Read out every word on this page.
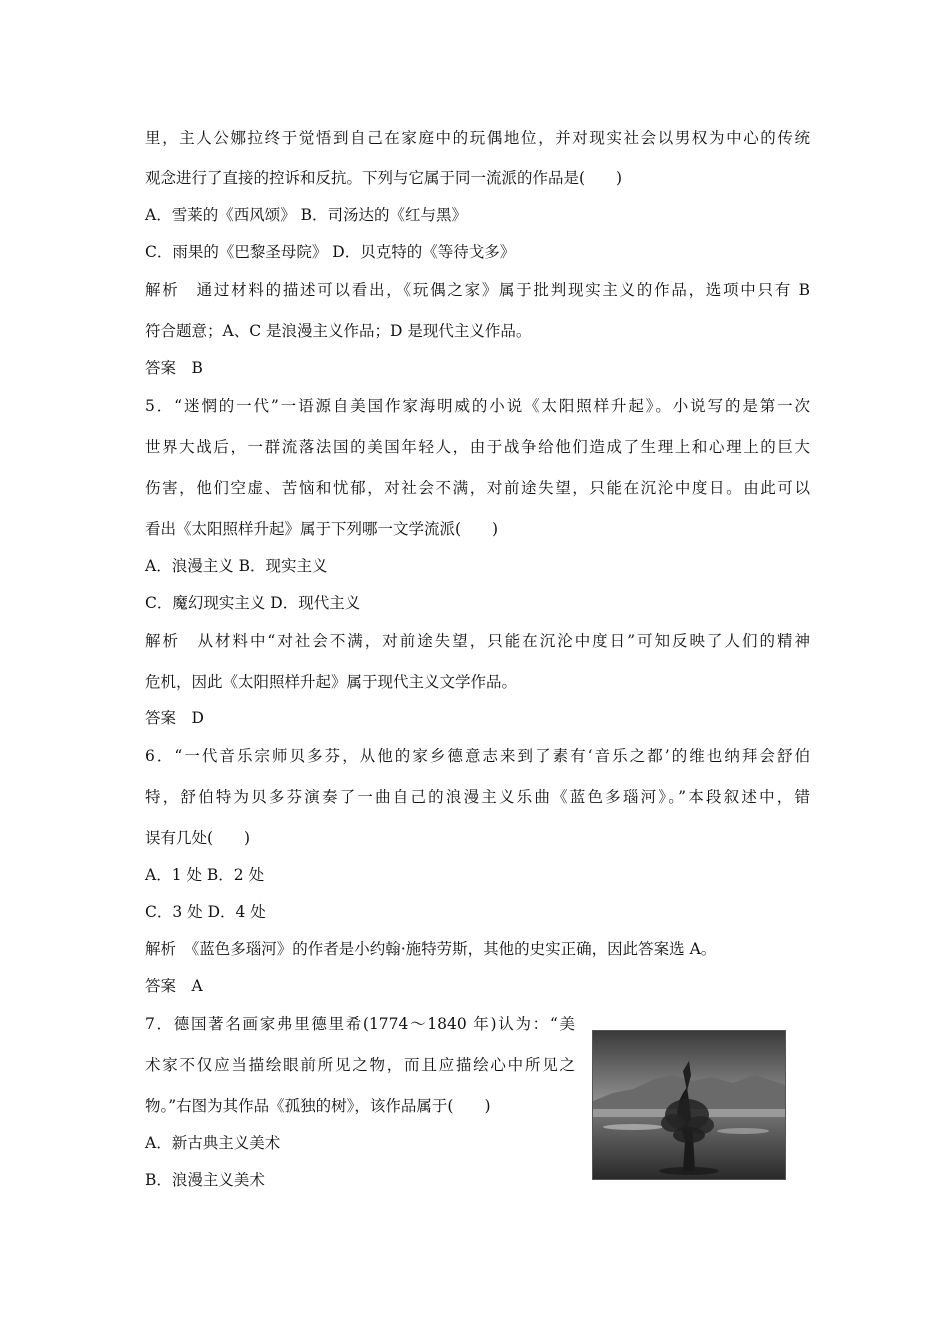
里，主人公娜拉终于觉悟到自己在家庭中的玩偶地位，并对现实社会以男权为中心的传统
观念进行了直接的控诉和反抗。下列与它属于同一流派的作品是(　　)
A．雪莱的《西风颂》 B．司汤达的《红与黑》
C．雨果的《巴黎圣母院》 D．贝克特的《等待戈多》
解析　通过材料的描述可以看出，《玩偶之家》属于批判现实主义的作品，选项中只有 B
符合题意；A、C 是浪漫主义作品；D 是现代主义作品。
答案　B
5．“迷惘的一代”一语源自美国作家海明威的小说《太阳照样升起》。小说写的是第一次
世界大战后，一群流落法国的美国年轻人，由于战争给他们造成了生理上和心理上的巨大
伤害，他们空虚、苦恼和忧郁，对社会不满，对前途失望，只能在沉沦中度日。由此可以
看出《太阳照样升起》属于下列哪一文学流派(　　)
A．浪漫主义 B．现实主义
C．魔幻现实主义 D．现代主义
解析　从材料中“对社会不满，对前途失望，只能在沉沦中度日”可知反映了人们的精神
危机，因此《太阳照样升起》属于现代主义文学作品。
答案　D
6．“一代音乐宗师贝多芬，从他的家乡德意志来到了素有‘音乐之都’的维也纳拜会舒伯
特，舒伯特为贝多芬演奏了一曲自己的浪漫主义乐曲《蓝色多瑙河》。”本段叙述中，错
误有几处(　　)
A．1 处 B．2 处
C．3 处 D．4 处
解析　《蓝色多瑙河》的作者是小约翰·施特劳斯，其他的史实正确，因此答案选 A。
答案　A
7．德国著名画家弗里德里希(1774～1840 年)认为：“美
术家不仅应当描绘眼前所见之物，而且应描绘心中所见之
物。”右图为其作品《孤独的树》，该作品属于(　　)
A．新古典主义美术
B．浪漫主义美术
